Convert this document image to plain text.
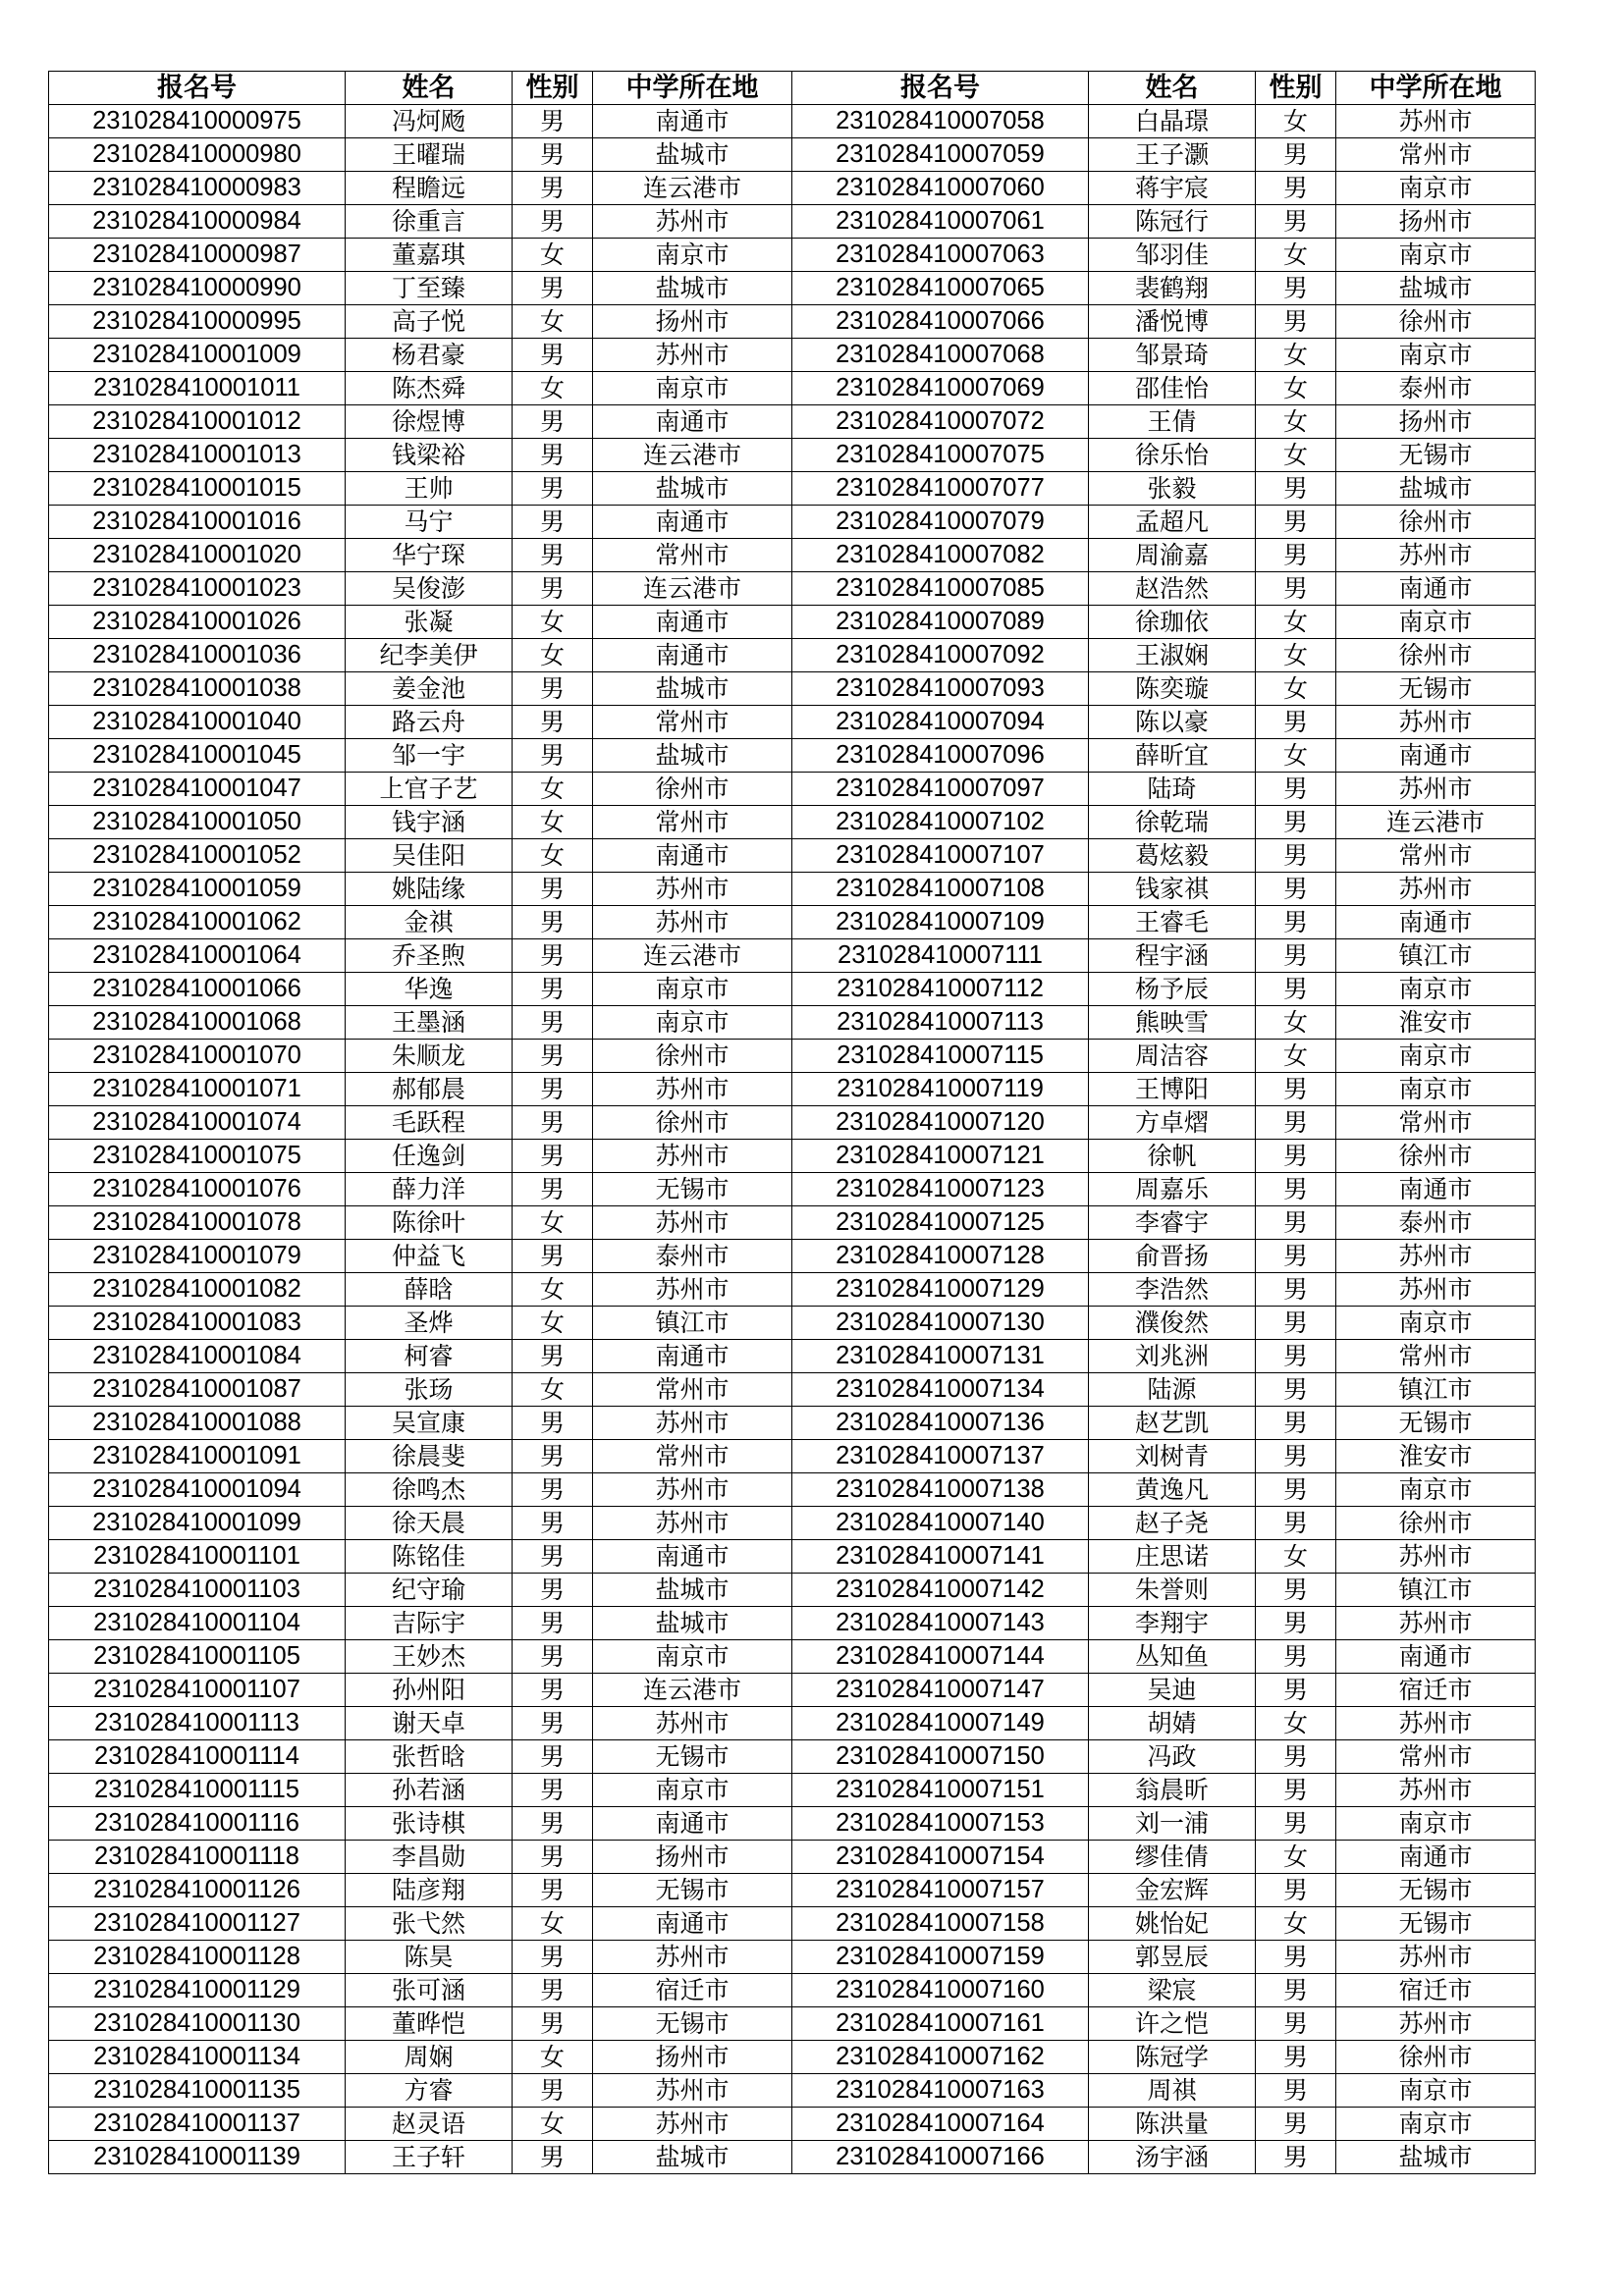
报名号	姓名	性别	中学所在地	报名号	姓名	性别	中学所在地
231028410000975	冯炣飏	男	南通市	231028410007058	白晶璟	女	苏州市
231028410000980	王曜瑞	男	盐城市	231028410007059	王子灏	男	常州市
231028410000983	程瞻远	男	连云港市	231028410007060	蒋宇宸	男	南京市
231028410000984	徐重言	男	苏州市	231028410007061	陈冠行	男	扬州市
231028410000987	董嘉琪	女	南京市	231028410007063	邹羽佳	女	南京市
231028410000990	丁至臻	男	盐城市	231028410007065	裴鹤翔	男	盐城市
231028410000995	高子悦	女	扬州市	231028410007066	潘悦博	男	徐州市
231028410001009	杨君豪	男	苏州市	231028410007068	邹景琦	女	南京市
231028410001011	陈杰舜	女	南京市	231028410007069	邵佳怡	女	泰州市
231028410001012	徐煜博	男	南通市	231028410007072	王倩	女	扬州市
231028410001013	钱梁裕	男	连云港市	231028410007075	徐乐怡	女	无锡市
231028410001015	王帅	男	盐城市	231028410007077	张毅	男	盐城市
231028410001016	马宁	男	南通市	231028410007079	孟超凡	男	徐州市
231028410001020	华宁琛	男	常州市	231028410007082	周渝嘉	男	苏州市
231028410001023	吴俊澎	男	连云港市	231028410007085	赵浩然	男	南通市
231028410001026	张凝	女	南通市	231028410007089	徐珈依	女	南京市
231028410001036	纪李美伊	女	南通市	231028410007092	王淑娴	女	徐州市
231028410001038	姜金池	男	盐城市	231028410007093	陈奕璇	女	无锡市
231028410001040	路云舟	男	常州市	231028410007094	陈以豪	男	苏州市
231028410001045	邹一宇	男	盐城市	231028410007096	薛昕宜	女	南通市
231028410001047	上官子艺	女	徐州市	231028410007097	陆琦	男	苏州市
231028410001050	钱宇涵	女	常州市	231028410007102	徐乾瑞	男	连云港市
231028410001052	吴佳阳	女	南通市	231028410007107	葛炫毅	男	常州市
231028410001059	姚陆缘	男	苏州市	231028410007108	钱家祺	男	苏州市
231028410001062	金祺	男	苏州市	231028410007109	王睿毛	男	南通市
231028410001064	乔圣煦	男	连云港市	231028410007111	程宇涵	男	镇江市
231028410001066	华逸	男	南京市	231028410007112	杨予辰	男	南京市
231028410001068	王墨涵	男	南京市	231028410007113	熊映雪	女	淮安市
231028410001070	朱顺龙	男	徐州市	231028410007115	周洁容	女	南京市
231028410001071	郝郁晨	男	苏州市	231028410007119	王博阳	男	南京市
231028410001074	毛跃程	男	徐州市	231028410007120	方卓熠	男	常州市
231028410001075	任逸剑	男	苏州市	231028410007121	徐帆	男	徐州市
231028410001076	薛力洋	男	无锡市	231028410007123	周嘉乐	男	南通市
231028410001078	陈徐叶	女	苏州市	231028410007125	李睿宇	男	泰州市
231028410001079	仲益飞	男	泰州市	231028410007128	俞晋扬	男	苏州市
231028410001082	薛晗	女	苏州市	231028410007129	李浩然	男	苏州市
231028410001083	圣烨	女	镇江市	231028410007130	濮俊然	男	南京市
231028410001084	柯睿	男	南通市	231028410007131	刘兆洲	男	常州市
231028410001087	张玚	女	常州市	231028410007134	陆源	男	镇江市
231028410001088	吴宣康	男	苏州市	231028410007136	赵艺凯	男	无锡市
231028410001091	徐晨斐	男	常州市	231028410007137	刘树青	男	淮安市
231028410001094	徐鸣杰	男	苏州市	231028410007138	黄逸凡	男	南京市
231028410001099	徐天晨	男	苏州市	231028410007140	赵子尧	男	徐州市
231028410001101	陈铭佳	男	南通市	231028410007141	庄思诺	女	苏州市
231028410001103	纪守瑜	男	盐城市	231028410007142	朱誉则	男	镇江市
231028410001104	吉际宇	男	盐城市	231028410007143	李翔宇	男	苏州市
231028410001105	王妙杰	男	南京市	231028410007144	丛知鱼	男	南通市
231028410001107	孙州阳	男	连云港市	231028410007147	吴迪	男	宿迁市
231028410001113	谢天卓	男	苏州市	231028410007149	胡婧	女	苏州市
231028410001114	张哲晗	男	无锡市	231028410007150	冯政	男	常州市
231028410001115	孙若涵	男	南京市	231028410007151	翁晨昕	男	苏州市
231028410001116	张诗棋	男	南通市	231028410007153	刘一浦	男	南京市
231028410001118	李昌勋	男	扬州市	231028410007154	缪佳倩	女	南通市
231028410001126	陆彦翔	男	无锡市	231028410007157	金宏辉	男	无锡市
231028410001127	张弋然	女	南通市	231028410007158	姚怡妃	女	无锡市
231028410001128	陈昊	男	苏州市	231028410007159	郭昱辰	男	苏州市
231028410001129	张可涵	男	宿迁市	231028410007160	梁宸	男	宿迁市
231028410001130	董晔恺	男	无锡市	231028410007161	许之恺	男	苏州市
231028410001134	周娴	女	扬州市	231028410007162	陈冠学	男	徐州市
231028410001135	方睿	男	苏州市	231028410007163	周祺	男	南京市
231028410001137	赵灵语	女	苏州市	231028410007164	陈洪量	男	南京市
231028410001139	王子轩	男	盐城市	231028410007166	汤宇涵	男	盐城市
